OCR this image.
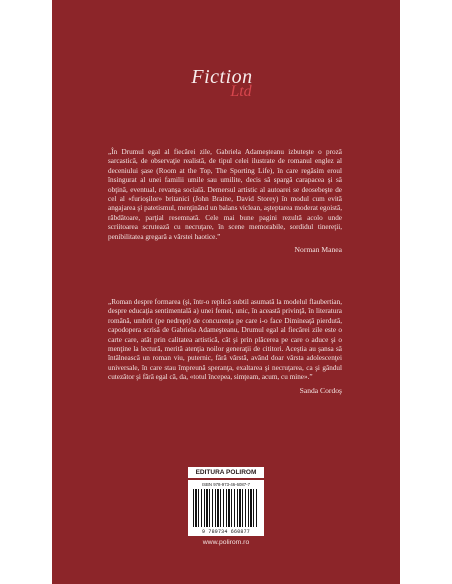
Fiction
Ltd

„În Drumul egal al fiecărei zile, Gabriela Adameşteanu izbuteşte o proză sarcastică, de observaţie realistă, de tipul celei ilustrate de romanul englez al deceniului şase (Room at the Top, The Sporting Life), în care regăsim eroul însingurat al unei familii umile sau umilite, decis să spargă carapacea şi să obţină, eventual, revanşa socială. Demersul artistic al autoarei se deosebeşte de cel al «furioşilor» britanici (John Braine, David Storey) în modul cum evită angajarea şi patetismul, menţinând un balans viclean, aşteptarea moderat egoistă, răbdătoare, parţial resemnată. Cele mai bune pagini rezultă acolo unde scriitoarea scrutează cu necruţare, în scene memorabile, sordidul tinereţii, penibilitatea gregară a vârstei haotice.”

Norman Manea

„Roman despre formarea (şi, într-o replică subtil asumată la modelul flaubertian, despre educaţia sentimentală a) unei femei, unic, în această privinţă, în literatura română, umbrit (pe nedrept) de concurenţa pe care i-o face Dimineaţă pierdută, capodopera scrisă de Gabriela Adameşteanu, Drumul egal al fiecărei zile este o carte care, atât prin calitatea artistică, cât şi prin plăcerea pe care o aduce şi o menţine la lectură, merită atenţia noilor generaţii de cititori. Aceştia au şansa să întâlnească un roman viu, puternic, fără vârstă, având doar vârsta adolescenţei universale, în care stau împreună speranţa, exaltarea şi necruţarea, ca şi gândul cutezător şi fără egal că, da, «totul începea, simţeam, acum, cu mine».”

Sanda Cordoş
EDITURA POLIROM
ISBN 978-973-46-6087-7
9 789734 660877
www.polirom.ro
